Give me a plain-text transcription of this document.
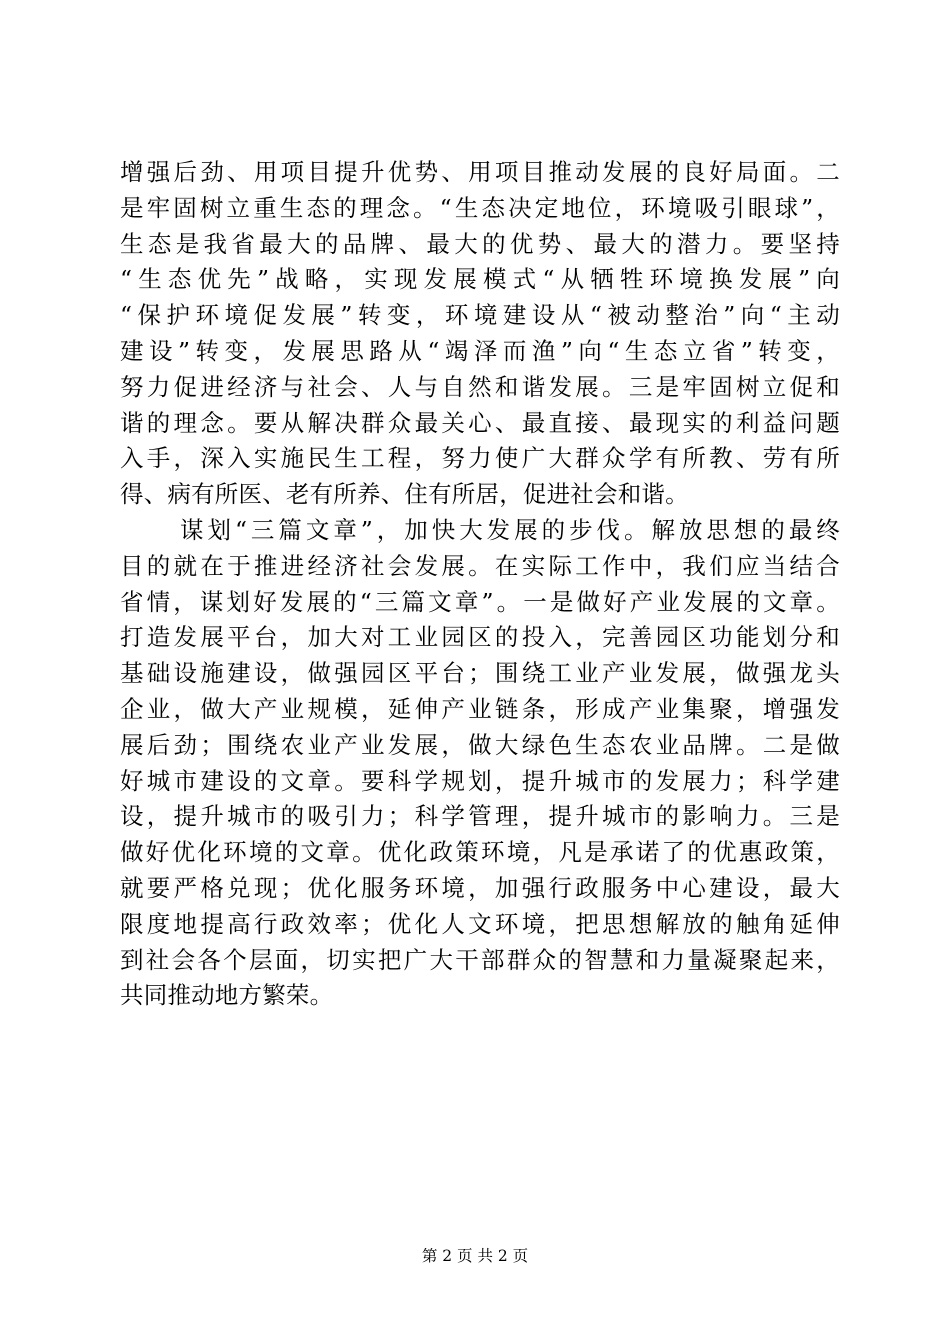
增强后劲、用项目提升优势、用项目推动发展的良好局面。二
是牢固树立重生态的理念。“生态决定地位，环境吸引眼球”，
生态是我省最大的品牌、最大的优势、最大的潜力。要坚持
“生态优先”战略，实现发展模式“从牺牲环境换发展”向
“保护环境促发展”转变，环境建设从“被动整治”向“主动
建设”转变，发展思路从“竭泽而渔”向“生态立省”转变，
努力促进经济与社会、人与自然和谐发展。三是牢固树立促和
谐的理念。要从解决群众最关心、最直接、最现实的利益问题
入手，深入实施民生工程，努力使广大群众学有所教、劳有所
得、病有所医、老有所养、住有所居，促进社会和谐。
谋划“三篇文章”，加快大发展的步伐。解放思想的最终
目的就在于推进经济社会发展。在实际工作中，我们应当结合
省情，谋划好发展的“三篇文章”。一是做好产业发展的文章。
打造发展平台，加大对工业园区的投入，完善园区功能划分和
基础设施建设，做强园区平台；围绕工业产业发展，做强龙头
企业，做大产业规模，延伸产业链条，形成产业集聚，增强发
展后劲；围绕农业产业发展，做大绿色生态农业品牌。二是做
好城市建设的文章。要科学规划，提升城市的发展力；科学建
设，提升城市的吸引力；科学管理，提升城市的影响力。三是
做好优化环境的文章。优化政策环境，凡是承诺了的优惠政策，
就要严格兑现；优化服务环境，加强行政服务中心建设，最大
限度地提高行政效率；优化人文环境，把思想解放的触角延伸
到社会各个层面，切实把广大干部群众的智慧和力量凝聚起来，
共同推动地方繁荣。
第 2 页 共 2 页
